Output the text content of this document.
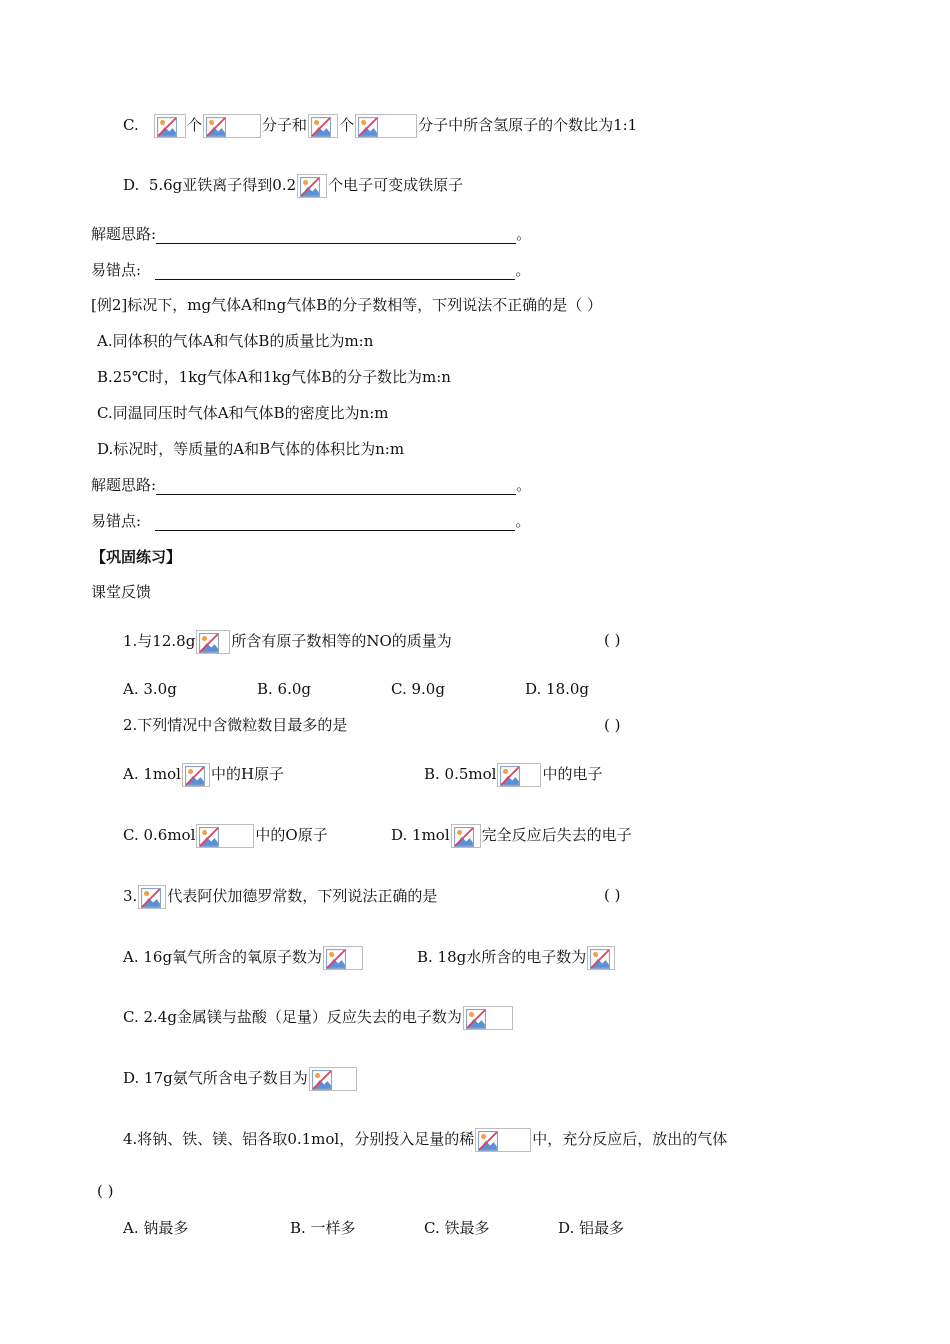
C.	个	分子和 个	分子中所含氢原子的个数比为1:1
D. 5.6g亚铁离子得到0.2 个电子可变成铁原子
解题思路:	。
易错点:	。
[例2]标况下，mg气体A和ng气体B的分子数相等，下列说法不正确的是（ ）
A.同体积的气体A和气体B的质量比为m:n
B.25℃时，1kg气体A和1kg气体B的分子数比为m:n
C.同温同压时气体A和气体B的密度比为n:m
D.标况时，等质量的A和B气体的体积比为n:m
解题思路:	。
易错点:	。
【巩固练习】
课堂反馈
1.与12.8g 所含有原子数相等的NO的质量为	( )
A. 3.0g	B. 6.0g	C. 9.0g	D. 18.0g
2.下列情况中含微粒数目最多的是	( )
A. 1mol 中的H原子	B. 0.5mol	中的电子
C. 0.6mol	中的O原子	D. 1mol 完全反应后失去的电子
3. 代表阿伏加德罗常数，下列说法正确的是	( )
A. 16g氧气所含的氧原子数为	B. 18g水所含的电子数为
C. 2.4g金属镁与盐酸（足量）反应失去的电子数为
D. 17g氨气所含电子数目为
4.将钠、铁、镁、铝各取0.1mol，分别投入足量的稀	中，充分反应后，放出的气体
( )
A. 钠最多	B. 一样多	C. 铁最多	D. 铝最多
